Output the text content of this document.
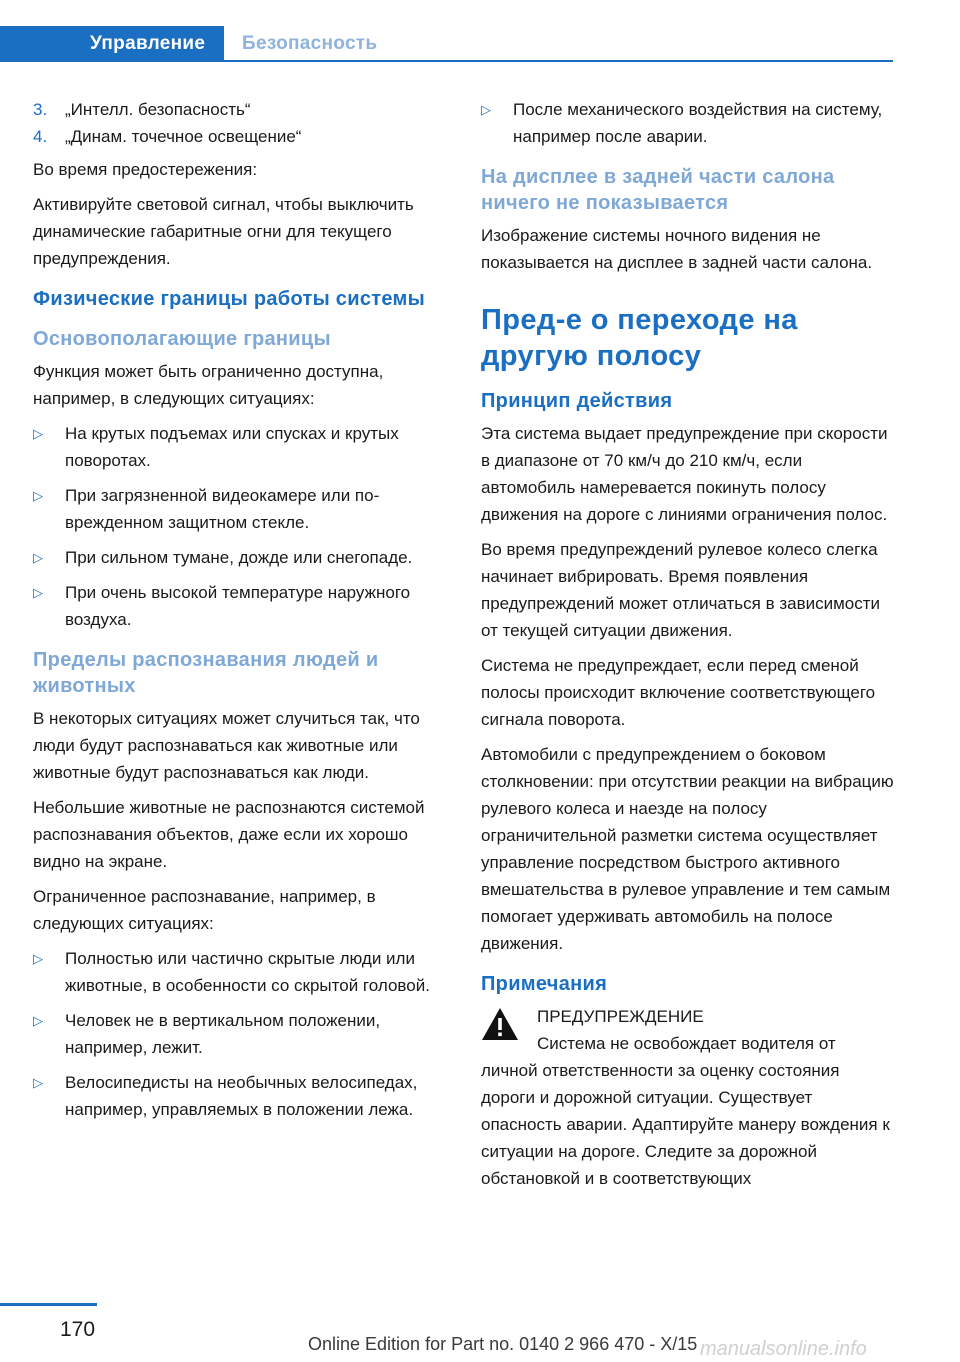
Управление	Безопасность
3.	„Интелл. безопасность“
4.	„Динам. точечное освещение“

Во время предостережения:

Активируйте световой сигнал, чтобы выключить динамические габаритные огни для текущего предупреждения.

Физические границы работы системы
Основополагающие границы

Функция может быть ограниченно доступна, например, в следующих ситуациях:

▷	На крутых подъемах или спусках и крутых поворотах.
▷	При загрязненной видеокамере или поврежденном защитном стекле.
▷	При сильном тумане, дожде или снегопаде.
▷	При очень высокой температуре наружного воздуха.
Пределы распознавания людей и животных

В некоторых ситуациях может случиться так, что люди будут распознаваться как животные или животные будут распознаваться как люди.

Небольшие животные не распознаются системой распознавания объектов, даже если их хорошо видно на экране.

Ограниченное распознавание, например, в следующих ситуациях:

▷	Полностью или частично скрытые люди или животные, в особенности со скрытой головой.
▷	Человек не в вертикальном положении, например, лежит.
▷	Велосипедисты на необычных велосипедах, например, управляемых в положении лежа.
▷	После механического воздействия на систему, например после аварии.
На дисплее в задней части салона ничего не показывается

Изображение системы ночного видения не показывается на дисплее в задней части салона.

Пред-е о переходе на другую полосу
Принцип действия

Эта система выдает предупреждение при скорости в диапазоне от 70 км/ч до 210 км/ч, если автомобиль намеревается покинуть полосу движения на дороге с линиями ограничения полос.

Во время предупреждений рулевое колесо слегка начинает вибрировать. Время появления предупреждений может отличаться в зависимости от текущей ситуации движения.

Система не предупреждает, если перед сменой полосы происходит включение соответствующего сигнала поворота.

Автомобили с предупреждением о боковом столкновении: при отсутствии реакции на вибрацию рулевого колеса и наезде на полосу ограничительной разметки система осуществляет управление посредством быстрого активного вмешательства в рулевое управление и тем самым помогает удерживать автомобиль на полосе движения.

Примечания

ПРЕДУПРЕЖДЕНИЕ

Система не освобождает водителя от личной ответственности за оценку состояния дороги и дорожной ситуации. Существует опасность аварии. Адаптируйте манеру вождения к ситуации на дороге. Следите за дорожной обстановкой и в соответствующих

170
Online Edition for Part no. 0140 2 966 470 - X/15 manualsonline.info
